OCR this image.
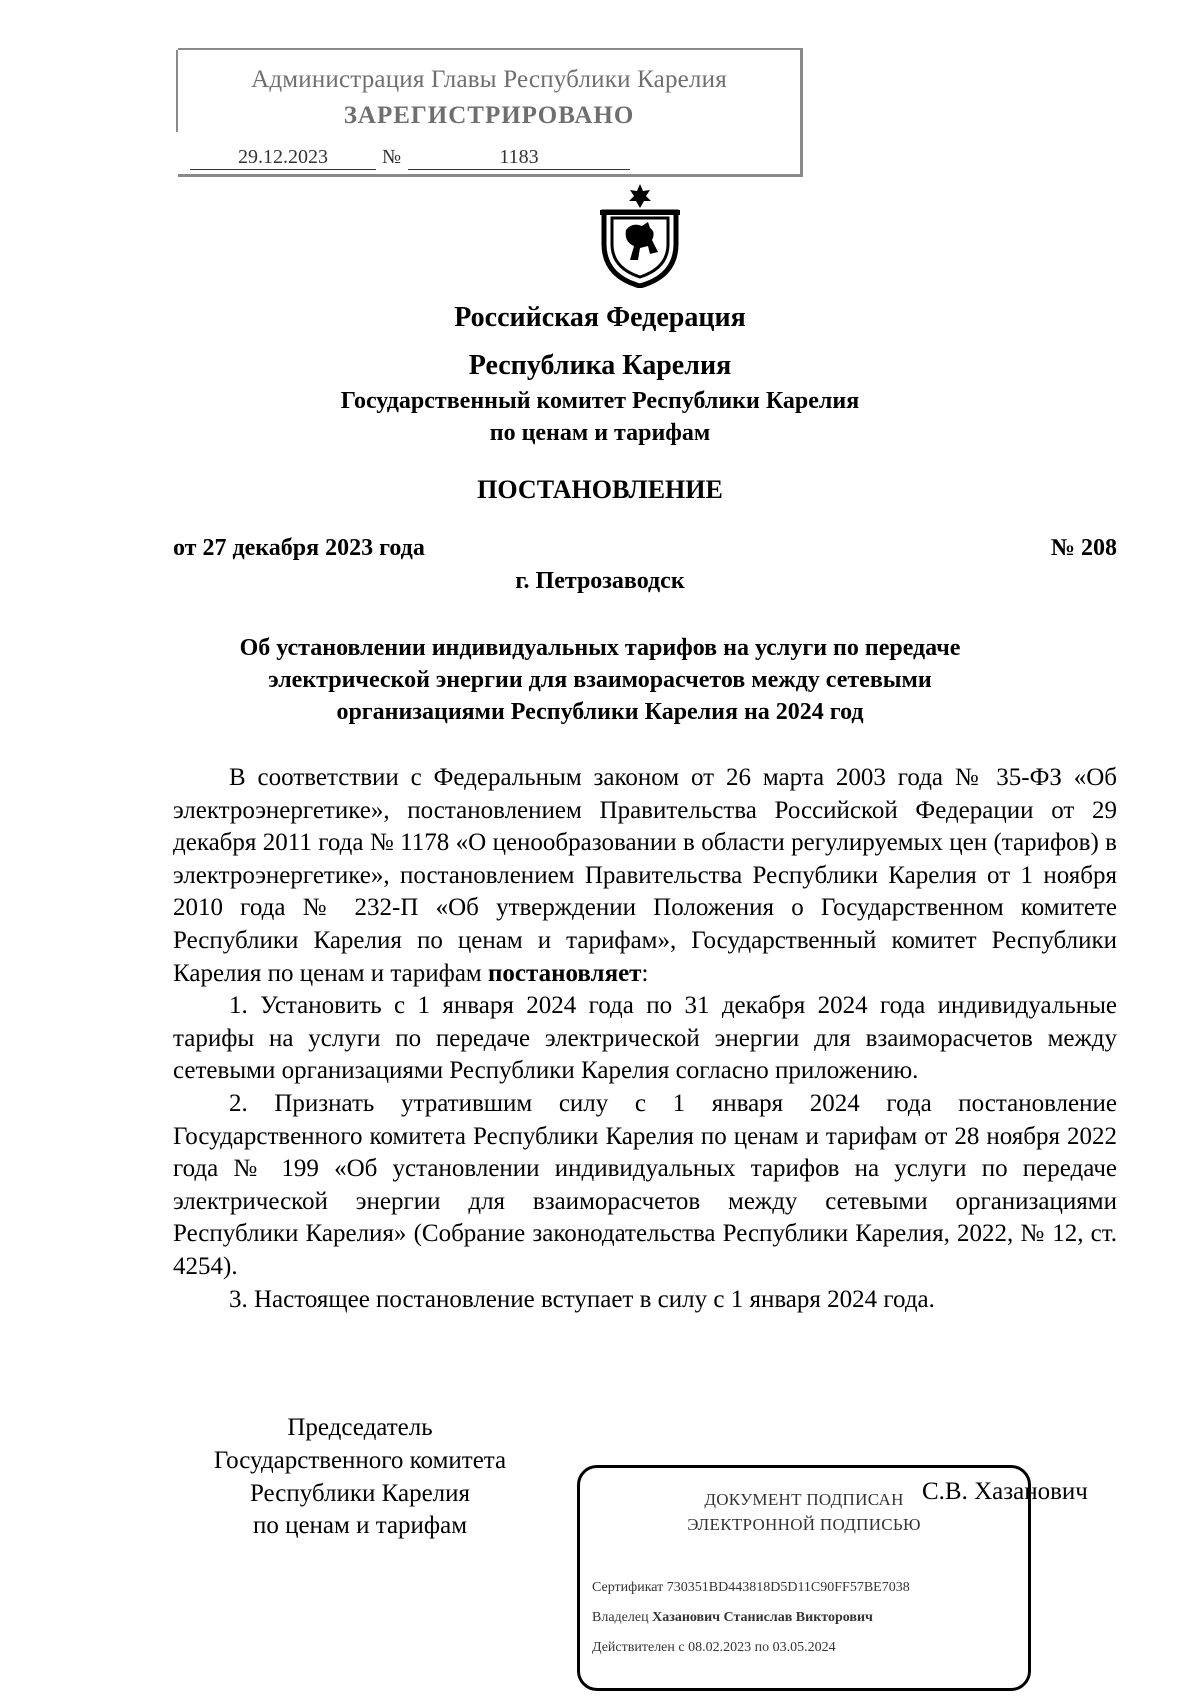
Администрация Главы Республики Карелия
ЗАРЕГИСТРИРОВАНО
29.12.2023	№	1183
Российская Федерация
Республика Карелия
Государственный комитет Республики Карелия
по ценам и тарифам
ПОСТАНОВЛЕНИЕ
от 27 декабря 2023 года	№ 208
г. Петрозаводск
Об установлении индивидуальных тарифов на услуги по передаче электрической энергии для взаиморасчетов между сетевыми организациями Республики Карелия на 2024 год

В соответствии с Федеральным законом от 26 марта 2003 года № 35-ФЗ «Об электроэнергетике», постановлением Правительства Российской Федерации от 29 декабря 2011 года № 1178 «О ценообразовании в области регулируемых цен (тарифов) в электроэнергетике», постановлением Правительства Республики Карелия от 1 ноября 2010 года № 232-П «Об утверждении Положения о Государственном комитете Республики Карелия по ценам и тарифам», Государственный комитет Республики Карелия по ценам и тарифам постановляет:

1. Установить с 1 января 2024 года по 31 декабря 2024 года индивидуальные тарифы на услуги по передаче электрической энергии для взаиморасчетов между сетевыми организациями Республики Карелия согласно приложению.

2. Признать утратившим силу с 1 января 2024 года постановление Государственного комитета Республики Карелия по ценам и тарифам от 28 ноября 2022 года № 199 «Об установлении индивидуальных тарифов на услуги по передаче электрической энергии для взаиморасчетов между сетевыми организациями Республики Карелия» (Собрание законодательства Республики Карелия, 2022, № 12, ст. 4254).

3. Настоящее постановление вступает в силу с 1 января 2024 года.

Председатель
Государственного комитета
Республики Карелия
по ценам и тарифам
С.В. Хазанович
ДОКУМЕНТ ПОДПИСАН
ЭЛЕКТРОННОЙ ПОДПИСЬЮ
Сертификат 730351BD443818D5D11C90FF57BE7038
Владелец Хазанович Станислав Викторович
Действителен с 08.02.2023 по 03.05.2024
